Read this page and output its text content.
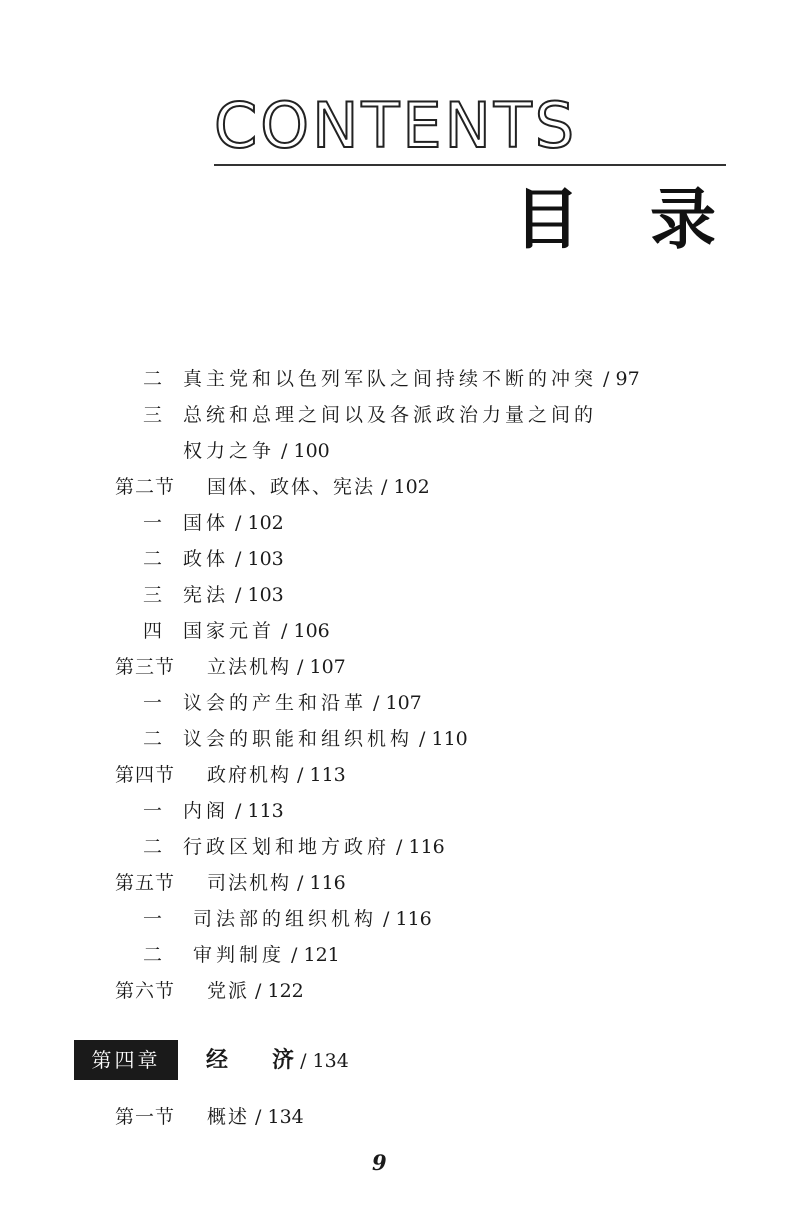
CONTENTS
目 录
二 真主党和以色列军队之间持续不断的冲突 / 97
三 总统和总理之间以及各派政治力量之间的
权力之争 / 100
第二节 国体、政体、宪法 / 102
一 国体 / 102
二 政体 / 103
三 宪法 / 103
四 国家元首 / 106
第三节 立法机构 / 107
一 议会的产生和沿革 / 107
二 议会的职能和组织机构 / 110
第四节 政府机构 / 113
一 内阁 / 113
二 行政区划和地方政府 / 116
第五节 司法机构 / 116
一 司法部的组织机构 / 116
二 审判制度 / 121
第六节 党派 / 122
第四章	经 济 / 134
第一节 概述 / 134
9
